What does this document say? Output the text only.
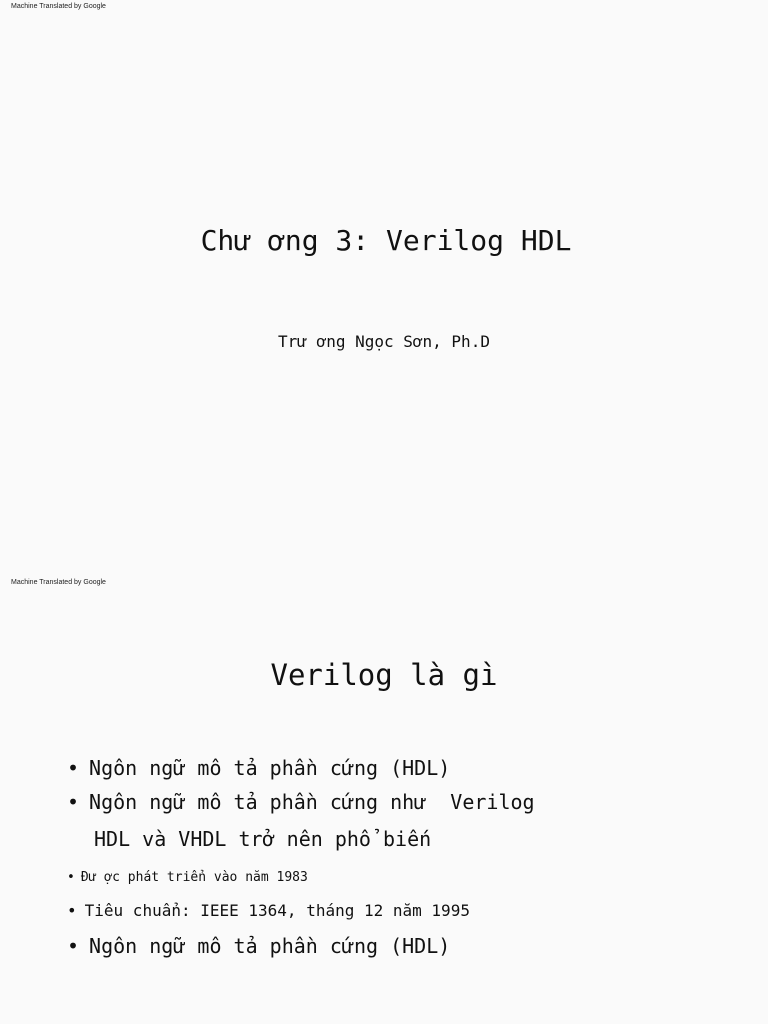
Machine Translated by Google
Chư ơng 3: Verilog HDL
Trư ơng Ngọc Sơn, Ph.D
Machine Translated by Google
Verilog là gì
• Ngôn ngữ mô tả phần cứng (HDL)
• Ngôn ngữ mô tả phần cứng như  Verilog
HDL và VHDL trở nên phổ biến
• Đư ợc phát triển vào năm 1983
• Tiêu chuẩn: IEEE 1364, tháng 12 năm 1995
• Ngôn ngữ mô tả phần cứng (HDL)
